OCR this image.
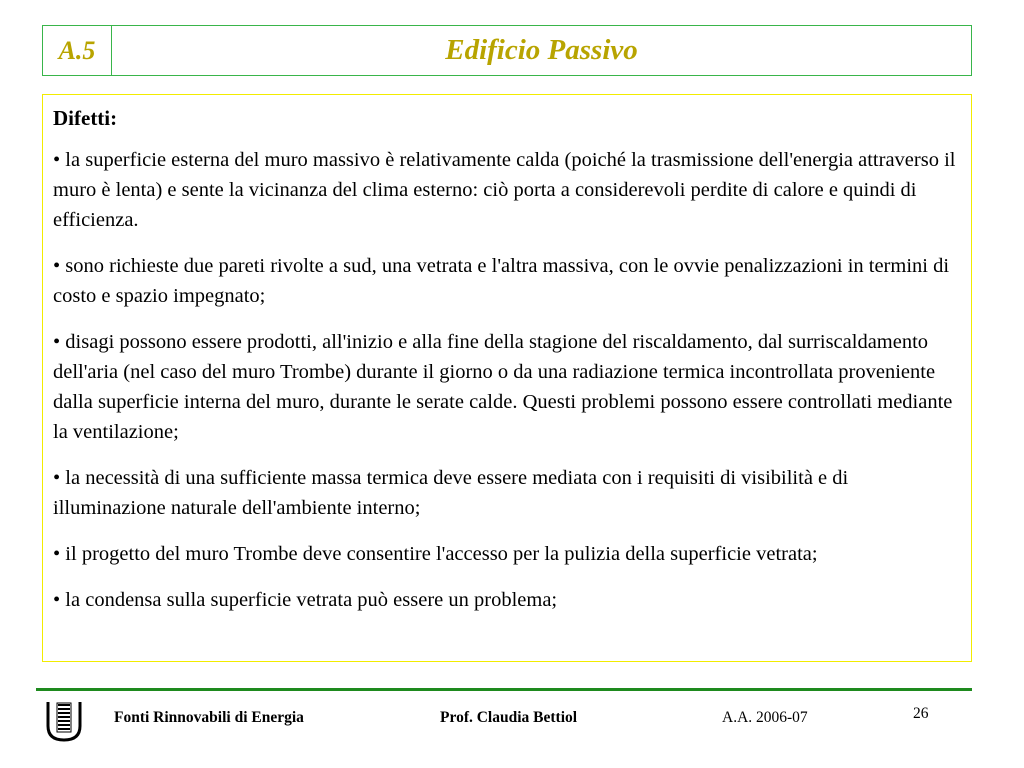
A.5	Edificio Passivo
Difetti:
• la superficie esterna del muro massivo è relativamente calda (poiché la trasmissione dell'energia attraverso il muro è lenta) e sente la vicinanza del clima esterno: ciò porta a considerevoli perdite di calore e quindi di efficienza.
• sono richieste due pareti rivolte a sud, una vetrata e l'altra massiva, con le ovvie penalizzazioni in termini di costo e spazio impegnato;
• disagi possono essere prodotti, all'inizio e alla fine della stagione del riscaldamento, dal surriscaldamento dell'aria (nel caso del muro Trombe) durante il giorno o da una radiazione termica incontrollata proveniente dalla superficie interna del muro, durante le serate calde. Questi problemi possono essere controllati mediante la ventilazione;
• la necessità di una sufficiente massa termica deve essere mediata con i requisiti di visibilità e di illuminazione naturale dell'ambiente interno;
• il progetto del muro Trombe deve consentire l'accesso per la pulizia della superficie vetrata;
• la condensa sulla superficie vetrata può essere un problema;
Fonti Rinnovabili di Energia	Prof. Claudia Bettiol	A.A. 2006-07	26
